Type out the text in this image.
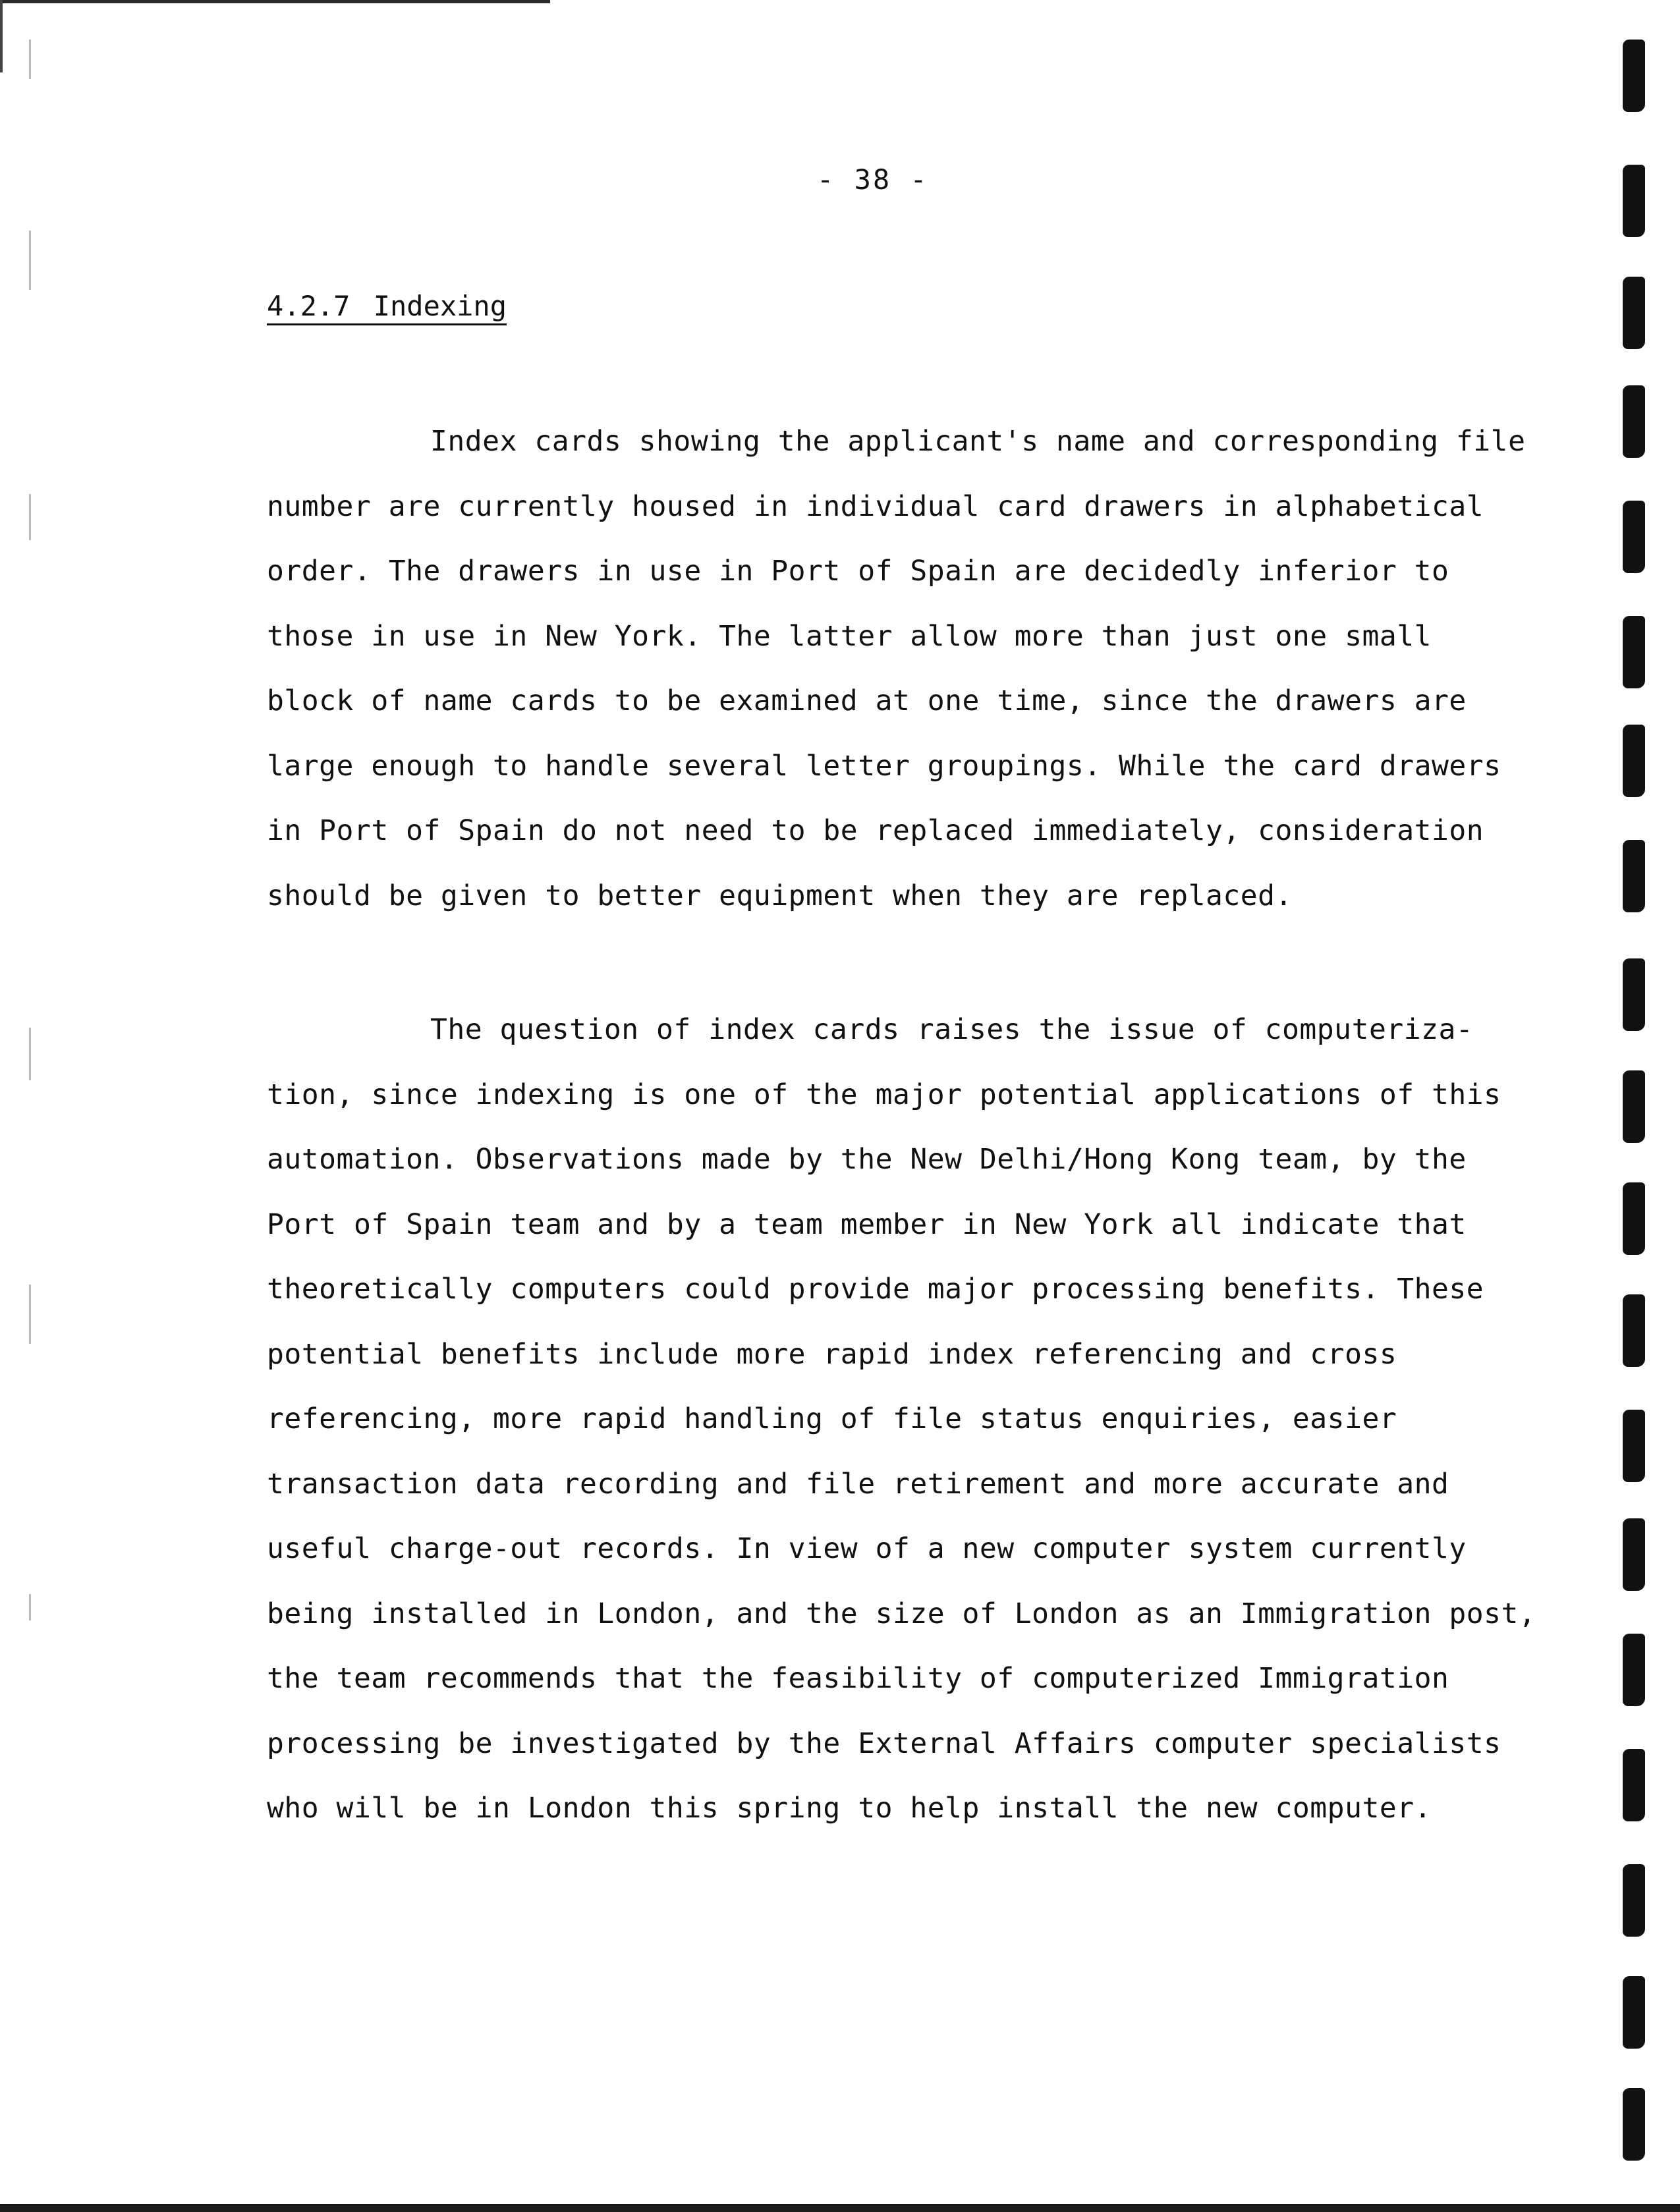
- 38 -
4.2.7 Indexing

Index cards showing the applicant's name and corresponding file
number are currently housed in individual card drawers in alphabetical
order. The drawers in use in Port of Spain are decidedly inferior to
those in use in New York. The latter allow more than just one small
block of name cards to be examined at one time, since the drawers are
large enough to handle several letter groupings. While the card drawers
in Port of Spain do not need to be replaced immediately, consideration
should be given to better equipment when they are replaced.

The question of index cards raises the issue of computeriza-
tion, since indexing is one of the major potential applications of this
automation. Observations made by the New Delhi/Hong Kong team, by the
Port of Spain team and by a team member in New York all indicate that
theoretically computers could provide major processing benefits. These
potential benefits include more rapid index referencing and cross
referencing, more rapid handling of file status enquiries, easier
transaction data recording and file retirement and more accurate and
useful charge-out records. In view of a new computer system currently
being installed in London, and the size of London as an Immigration post,
the team recommends that the feasibility of computerized Immigration
processing be investigated by the External Affairs computer specialists
who will be in London this spring to help install the new computer.
